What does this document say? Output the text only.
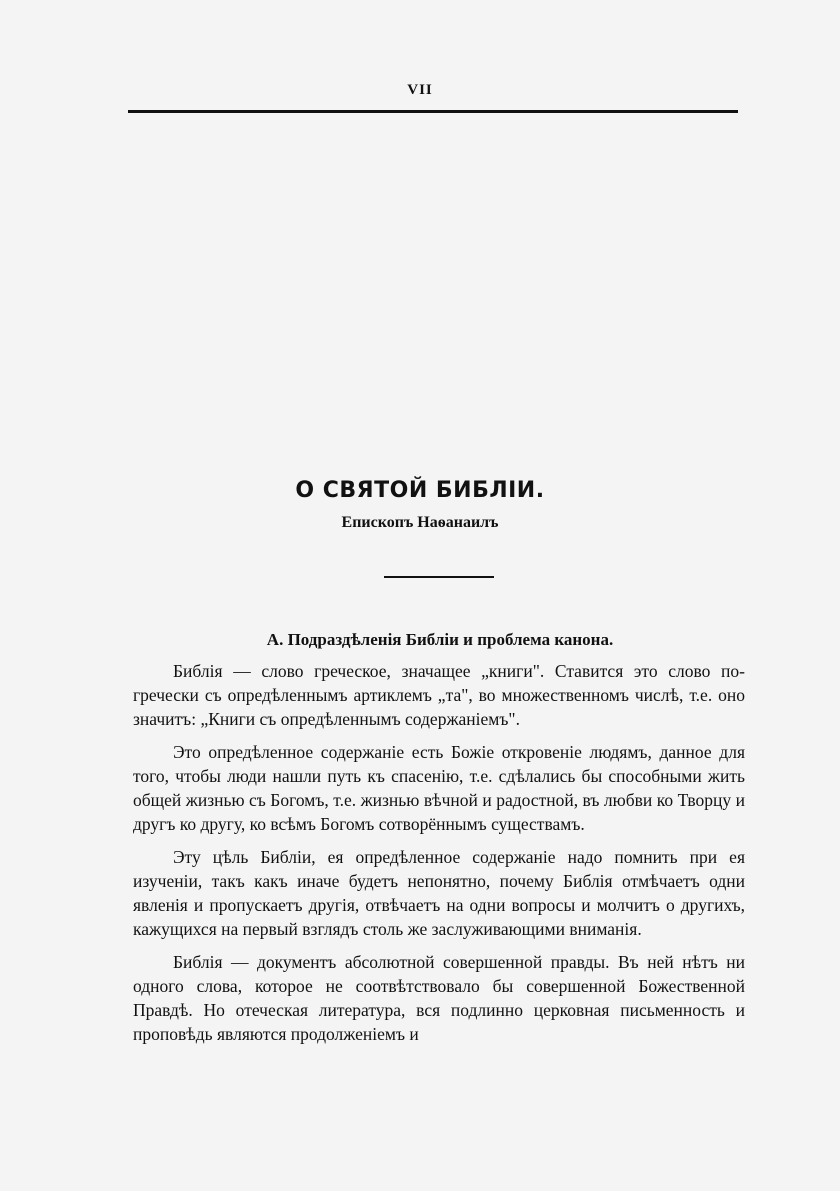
VII
О СВЯТОЙ БИБЛІИ.
Епископъ Наѳанаилъ
А. Подраздѣленія Библіи и проблема канона.

Библія — слово греческое, значащее „книги". Ставится это слово по-гречески съ опредѣленнымъ артиклемъ „та", во множественномъ числѣ, т.е. оно значитъ: „Книги съ опредѣленнымъ содержаніемъ".

Это опредѣленное содержаніе есть Божіе откровеніе людямъ, данное для того, чтобы люди нашли путь къ спасенію, т.е. сдѣлались бы способными жить общей жизнью съ Богомъ, т.е. жизнью вѣчной и радостной, въ любви ко Творцу и другъ ко другу, ко всѣмъ Богомъ сотворённымъ существамъ.

Эту цѣль Библіи, ея опредѣленное содержаніе надо помнить при ея изученіи, такъ какъ иначе будетъ непонятно, почему Библія отмѣчаетъ одни явленія и пропускаетъ другія, отвѣчаетъ на одни вопросы и молчитъ о другихъ, кажущихся на первый взглядъ столь же заслуживающими вниманія.

Библія — документъ абсолютной совершенной правды. Въ ней нѣтъ ни одного слова, которое не соотвѣтствовало бы совершенной Божественной Правдѣ. Но отеческая литература, вся подлинно церковная письменность и проповѣдь являются продолженіемъ и
